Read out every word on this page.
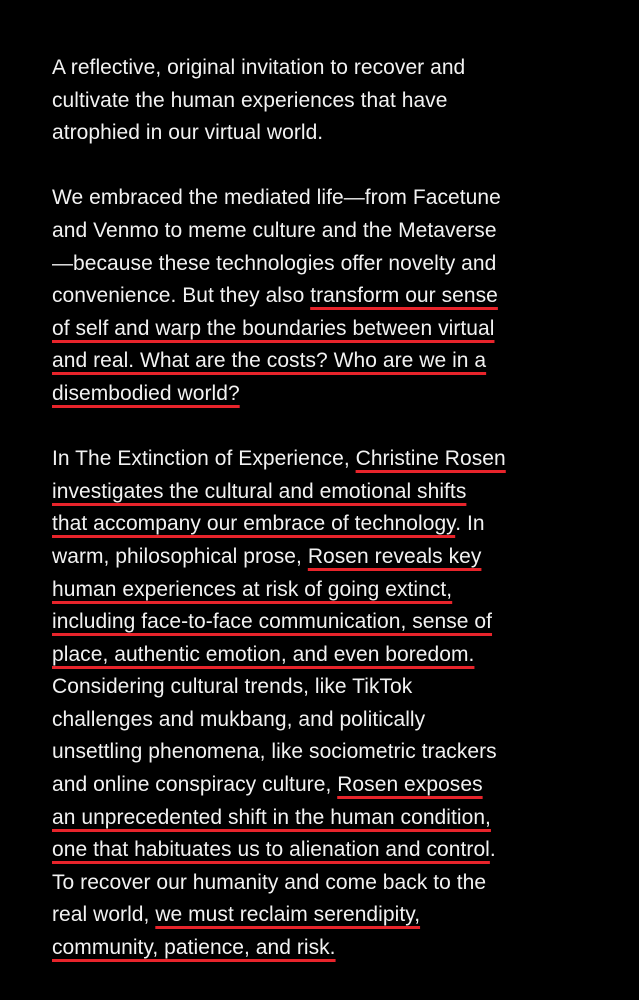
A reflective, original invitation to recover and
cultivate the human experiences that have
atrophied in our virtual world.
We embraced the mediated life—from Facetune
and Venmo to meme culture and the Metaverse
—because these technologies offer novelty and
convenience. But they also transform our sense
of self and warp the boundaries between virtual
and real. What are the costs? Who are we in a
disembodied world?
In The Extinction of Experience, Christine Rosen
investigates the cultural and emotional shifts
that accompany our embrace of technology. In
warm, philosophical prose, Rosen reveals key
human experiences at risk of going extinct,
including face-to-face communication, sense of
place, authentic emotion, and even boredom.
Considering cultural trends, like TikTok
challenges and mukbang, and politically
unsettling phenomena, like sociometric trackers
and online conspiracy culture, Rosen exposes
an unprecedented shift in the human condition,
one that habituates us to alienation and control.
To recover our humanity and come back to the
real world, we must reclaim serendipity,
community, patience, and risk.
